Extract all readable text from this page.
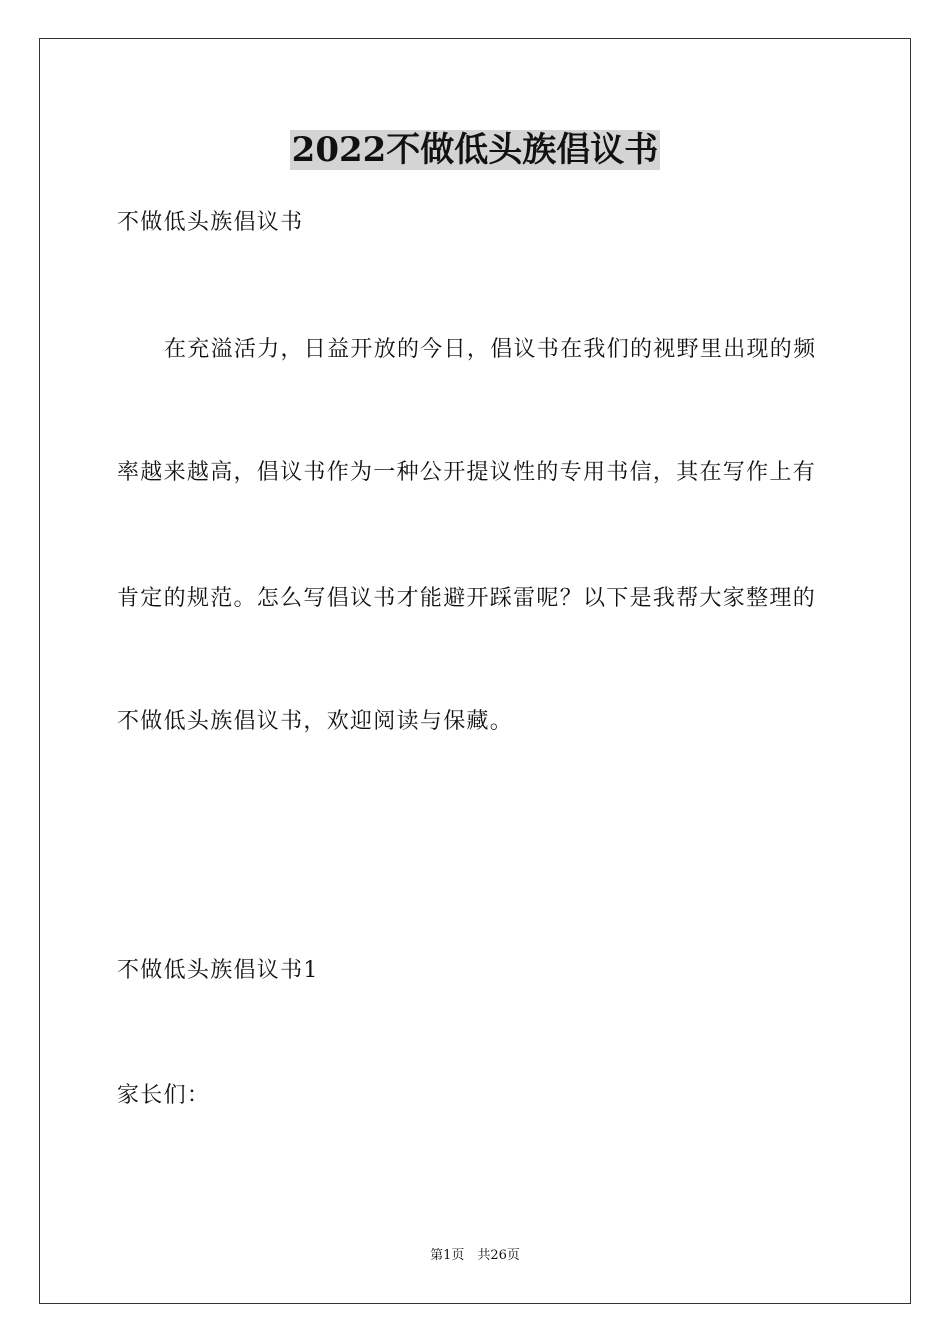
2022不做低头族倡议书
不做低头族倡议书
在充溢活力，日益开放的今日，倡议书在我们的视野里出现的频
率越来越高，倡议书作为一种公开提议性的专用书信，其在写作上有
肯定的规范。怎么写倡议书才能避开踩雷呢？以下是我帮大家整理的
不做低头族倡议书，欢迎阅读与保藏。
不做低头族倡议书1
家长们：
第1页　共26页
